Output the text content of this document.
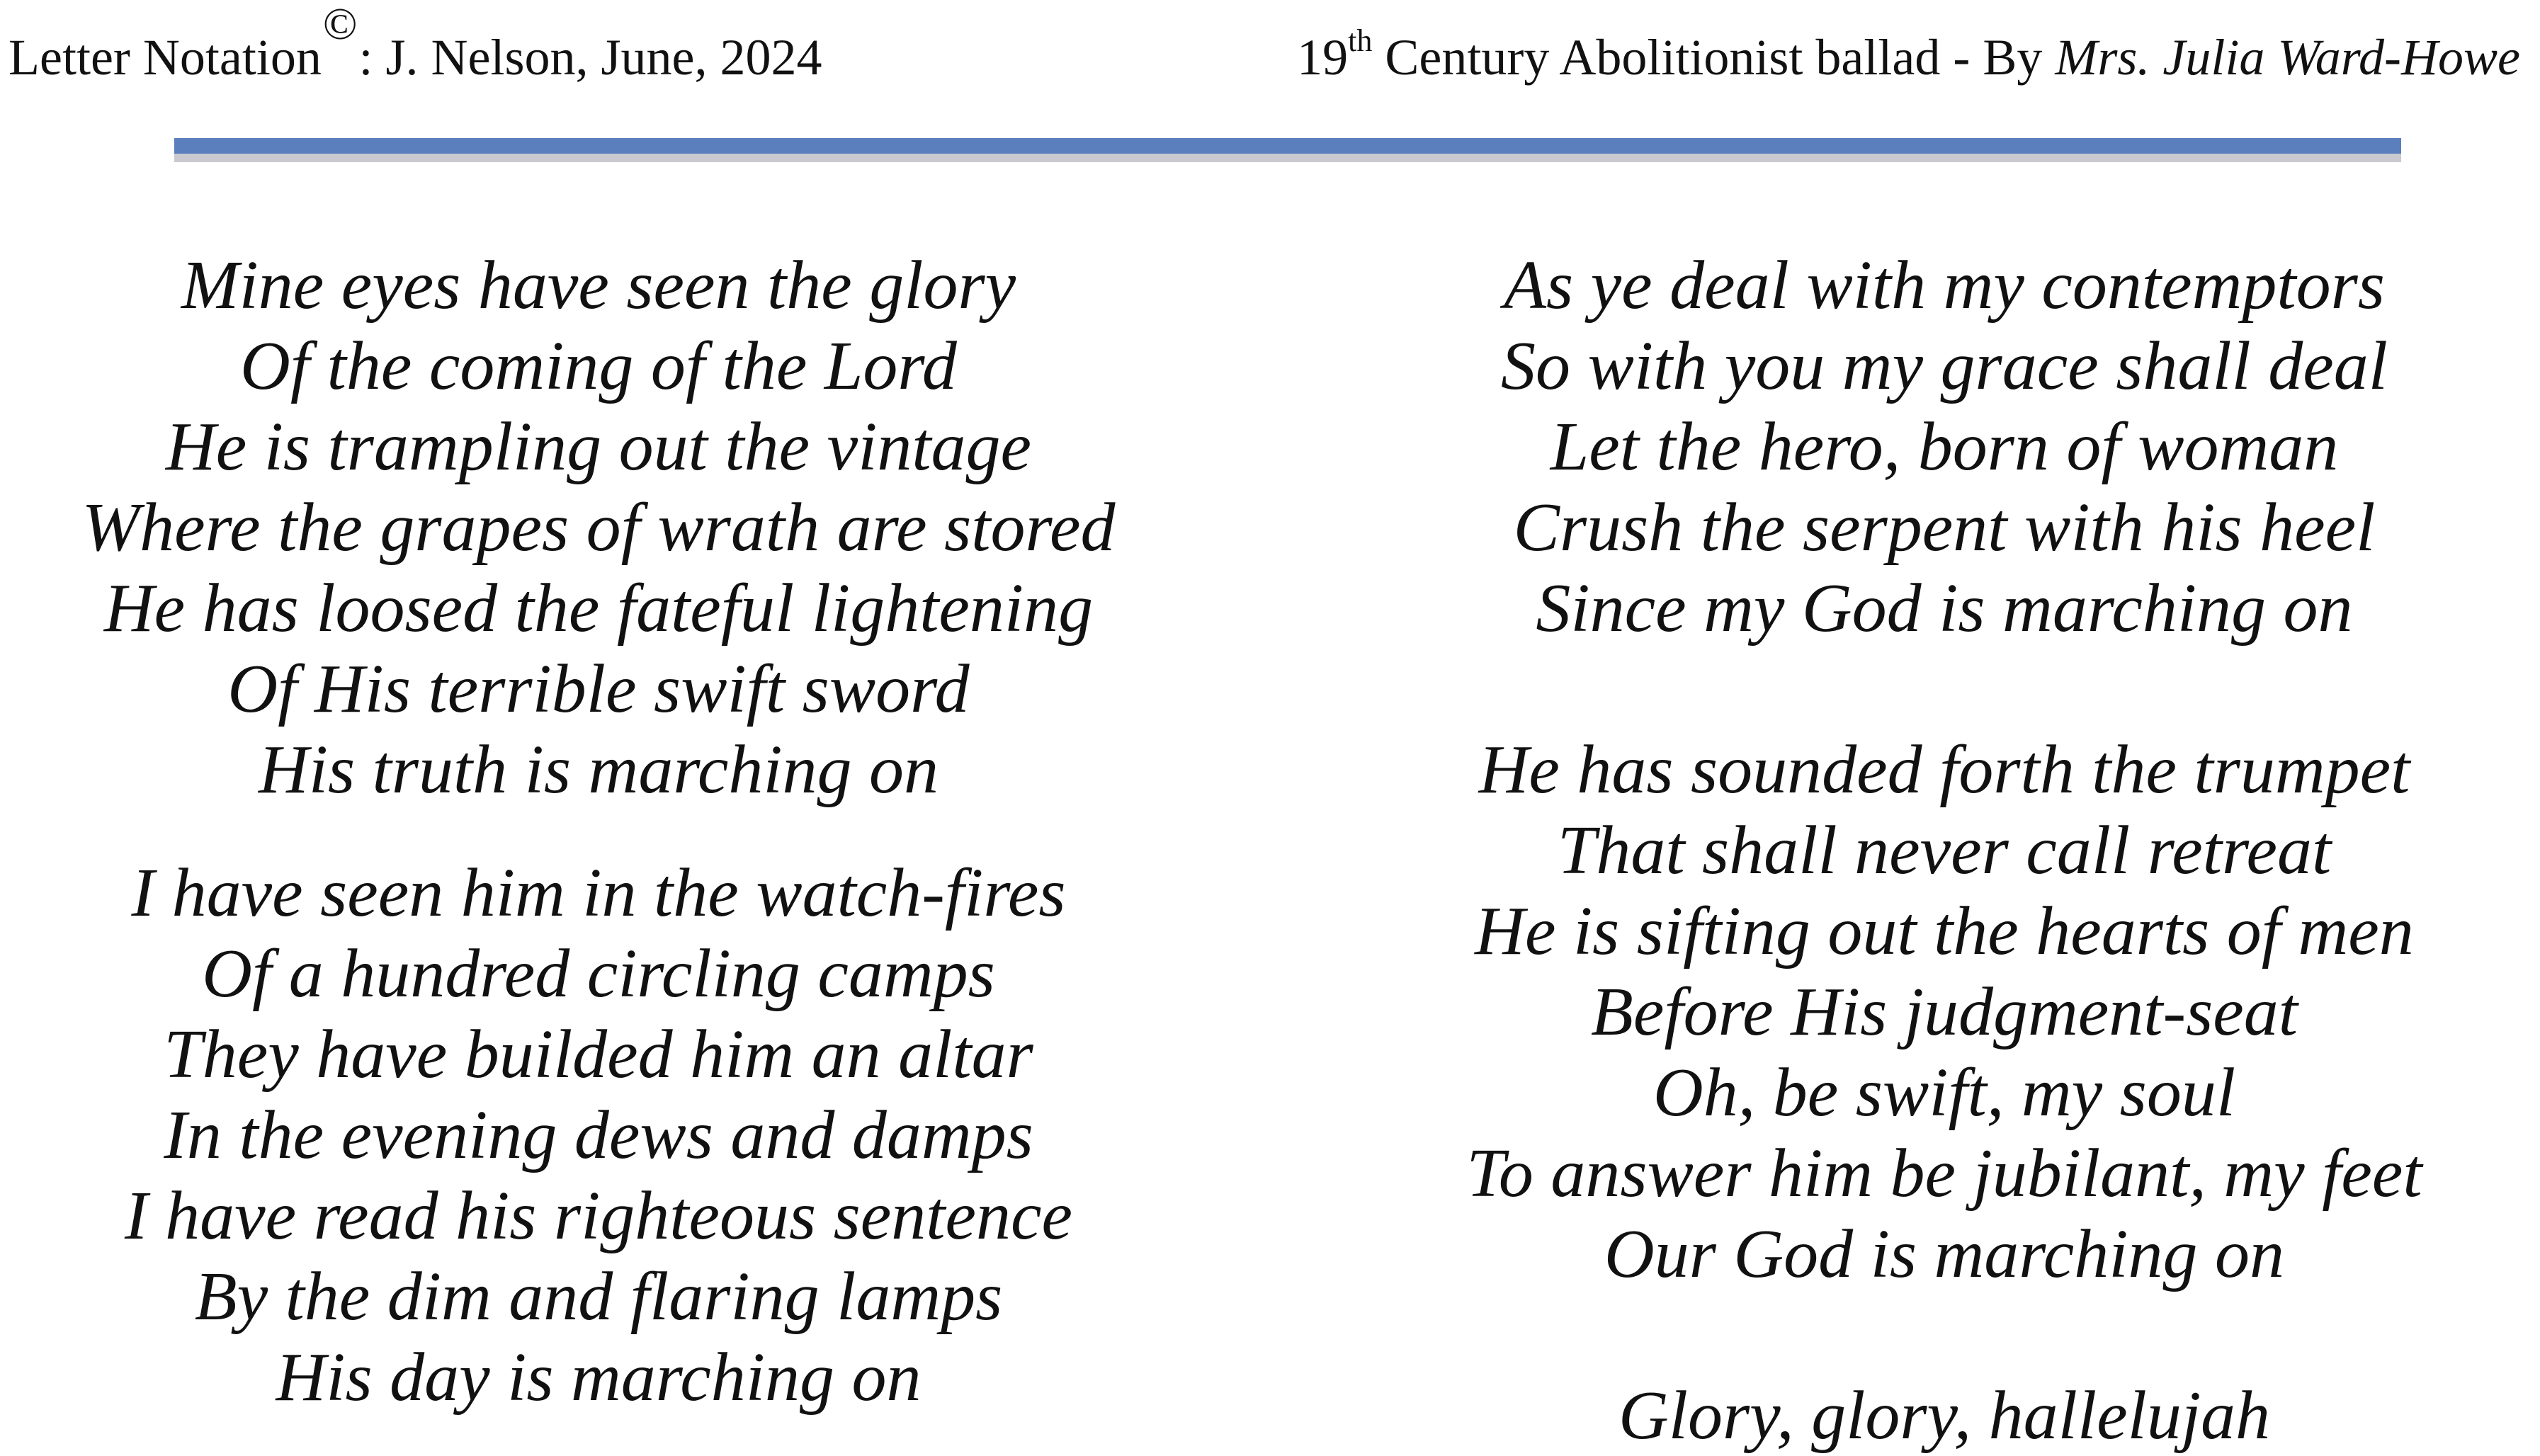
Letter Notation©: J. Nelson, June, 2024	19th Century Abolitionist ballad - By Mrs. Julia Ward-Howe
Mine eyes have seen the glory
Of the coming of the Lord
He is trampling out the vintage
Where the grapes of wrath are stored
He has loosed the fateful lightening
Of His terrible swift sword
His truth is marching on
I have seen him in the watch-fires
Of a hundred circling camps
They have builded him an altar
In the evening dews and damps
I have read his righteous sentence
By the dim and flaring lamps
His day is marching on
As ye deal with my contemptors
So with you my grace shall deal
Let the hero, born of woman
Crush the serpent with his heel
Since my God is marching on
He has sounded forth the trumpet
That shall never call retreat
He is sifting out the hearts of men
Before His judgment-seat
Oh, be swift, my soul
To answer him be jubilant, my feet
Our God is marching on
Glory, glory, hallelujah
